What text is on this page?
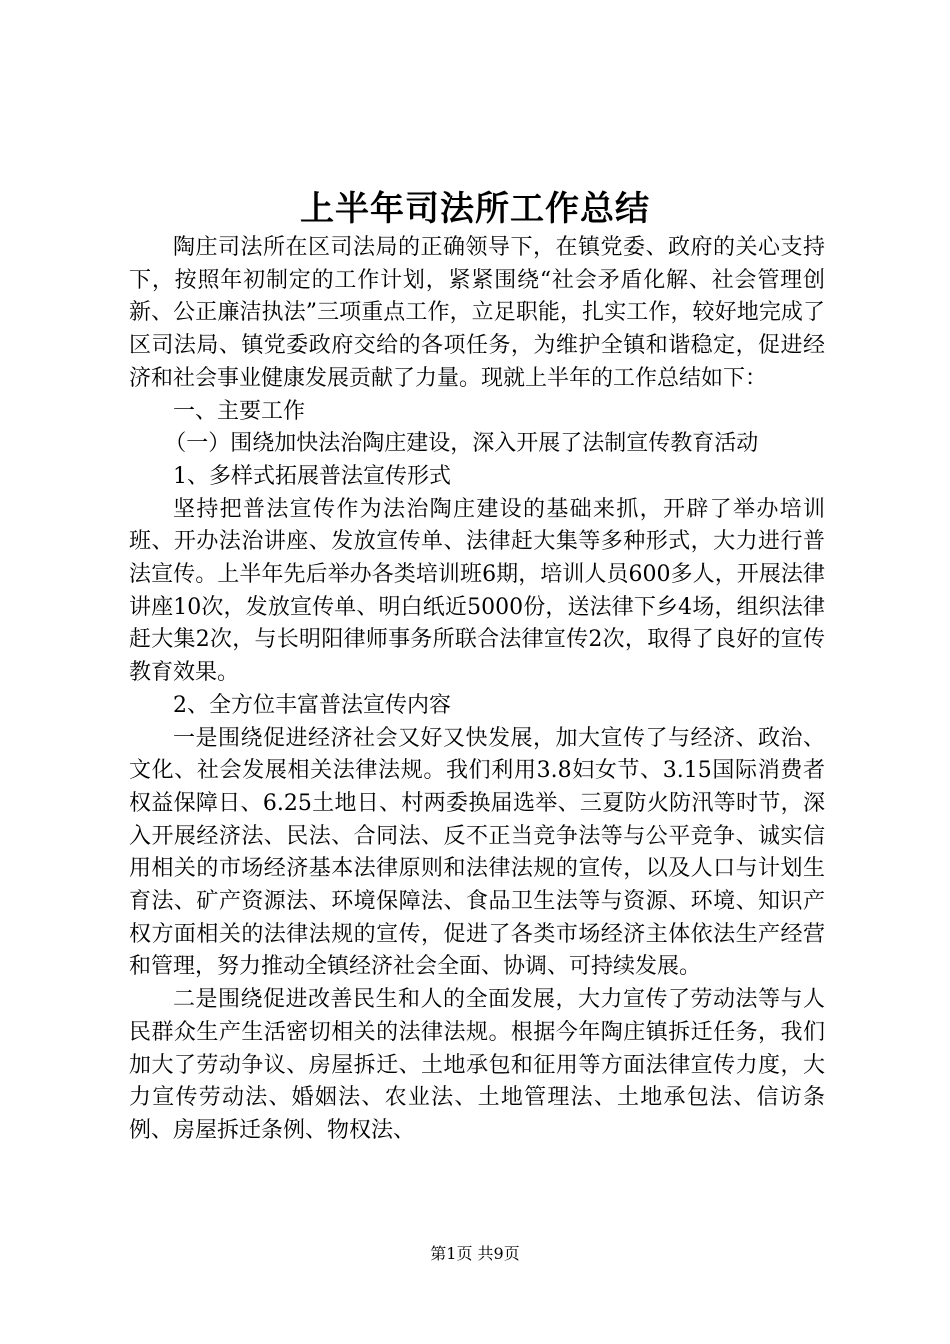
上半年司法所工作总结

陶庄司法所在区司法局的正确领导下，在镇党委、政府的关心支持下，按照年初制定的工作计划，紧紧围绕“社会矛盾化解、社会管理创新、公正廉洁执法”三项重点工作，立足职能，扎实工作，较好地完成了区司法局、镇党委政府交给的各项任务，为维护全镇和谐稳定，促进经济和社会事业健康发展贡献了力量。现就上半年的工作总结如下：

一、主要工作

（一）围绕加快法治陶庄建设，深入开展了法制宣传教育活动

1、多样式拓展普法宣传形式

坚持把普法宣传作为法治陶庄建设的基础来抓，开辟了举办培训班、开办法治讲座、发放宣传单、法律赶大集等多种形式，大力进行普法宣传。上半年先后举办各类培训班6期，培训人员600多人，开展法律讲座10次，发放宣传单、明白纸近5000份，送法律下乡4场，组织法律赶大集2次，与长明阳律师事务所联合法律宣传2次，取得了良好的宣传教育效果。

2、全方位丰富普法宣传内容

一是围绕促进经济社会又好又快发展，加大宣传了与经济、政治、文化、社会发展相关法律法规。我们利用3.8妇女节、3.15国际消费者权益保障日、6.25土地日、村两委换届选举、三夏防火防汛等时节，深入开展经济法、民法、合同法、反不正当竞争法等与公平竞争、诚实信用相关的市场经济基本法律原则和法律法规的宣传，以及人口与计划生育法、矿产资源法、环境保障法、食品卫生法等与资源、环境、知识产权方面相关的法律法规的宣传，促进了各类市场经济主体依法生产经营和管理，努力推动全镇经济社会全面、协调、可持续发展。

二是围绕促进改善民生和人的全面发展，大力宣传了劳动法等与人民群众生产生活密切相关的法律法规。根据今年陶庄镇拆迁任务，我们加大了劳动争议、房屋拆迁、土地承包和征用等方面法律宣传力度，大力宣传劳动法、婚姻法、农业法、土地管理法、土地承包法、信访条例、房屋拆迁条例、物权法、

第1页 共9页
